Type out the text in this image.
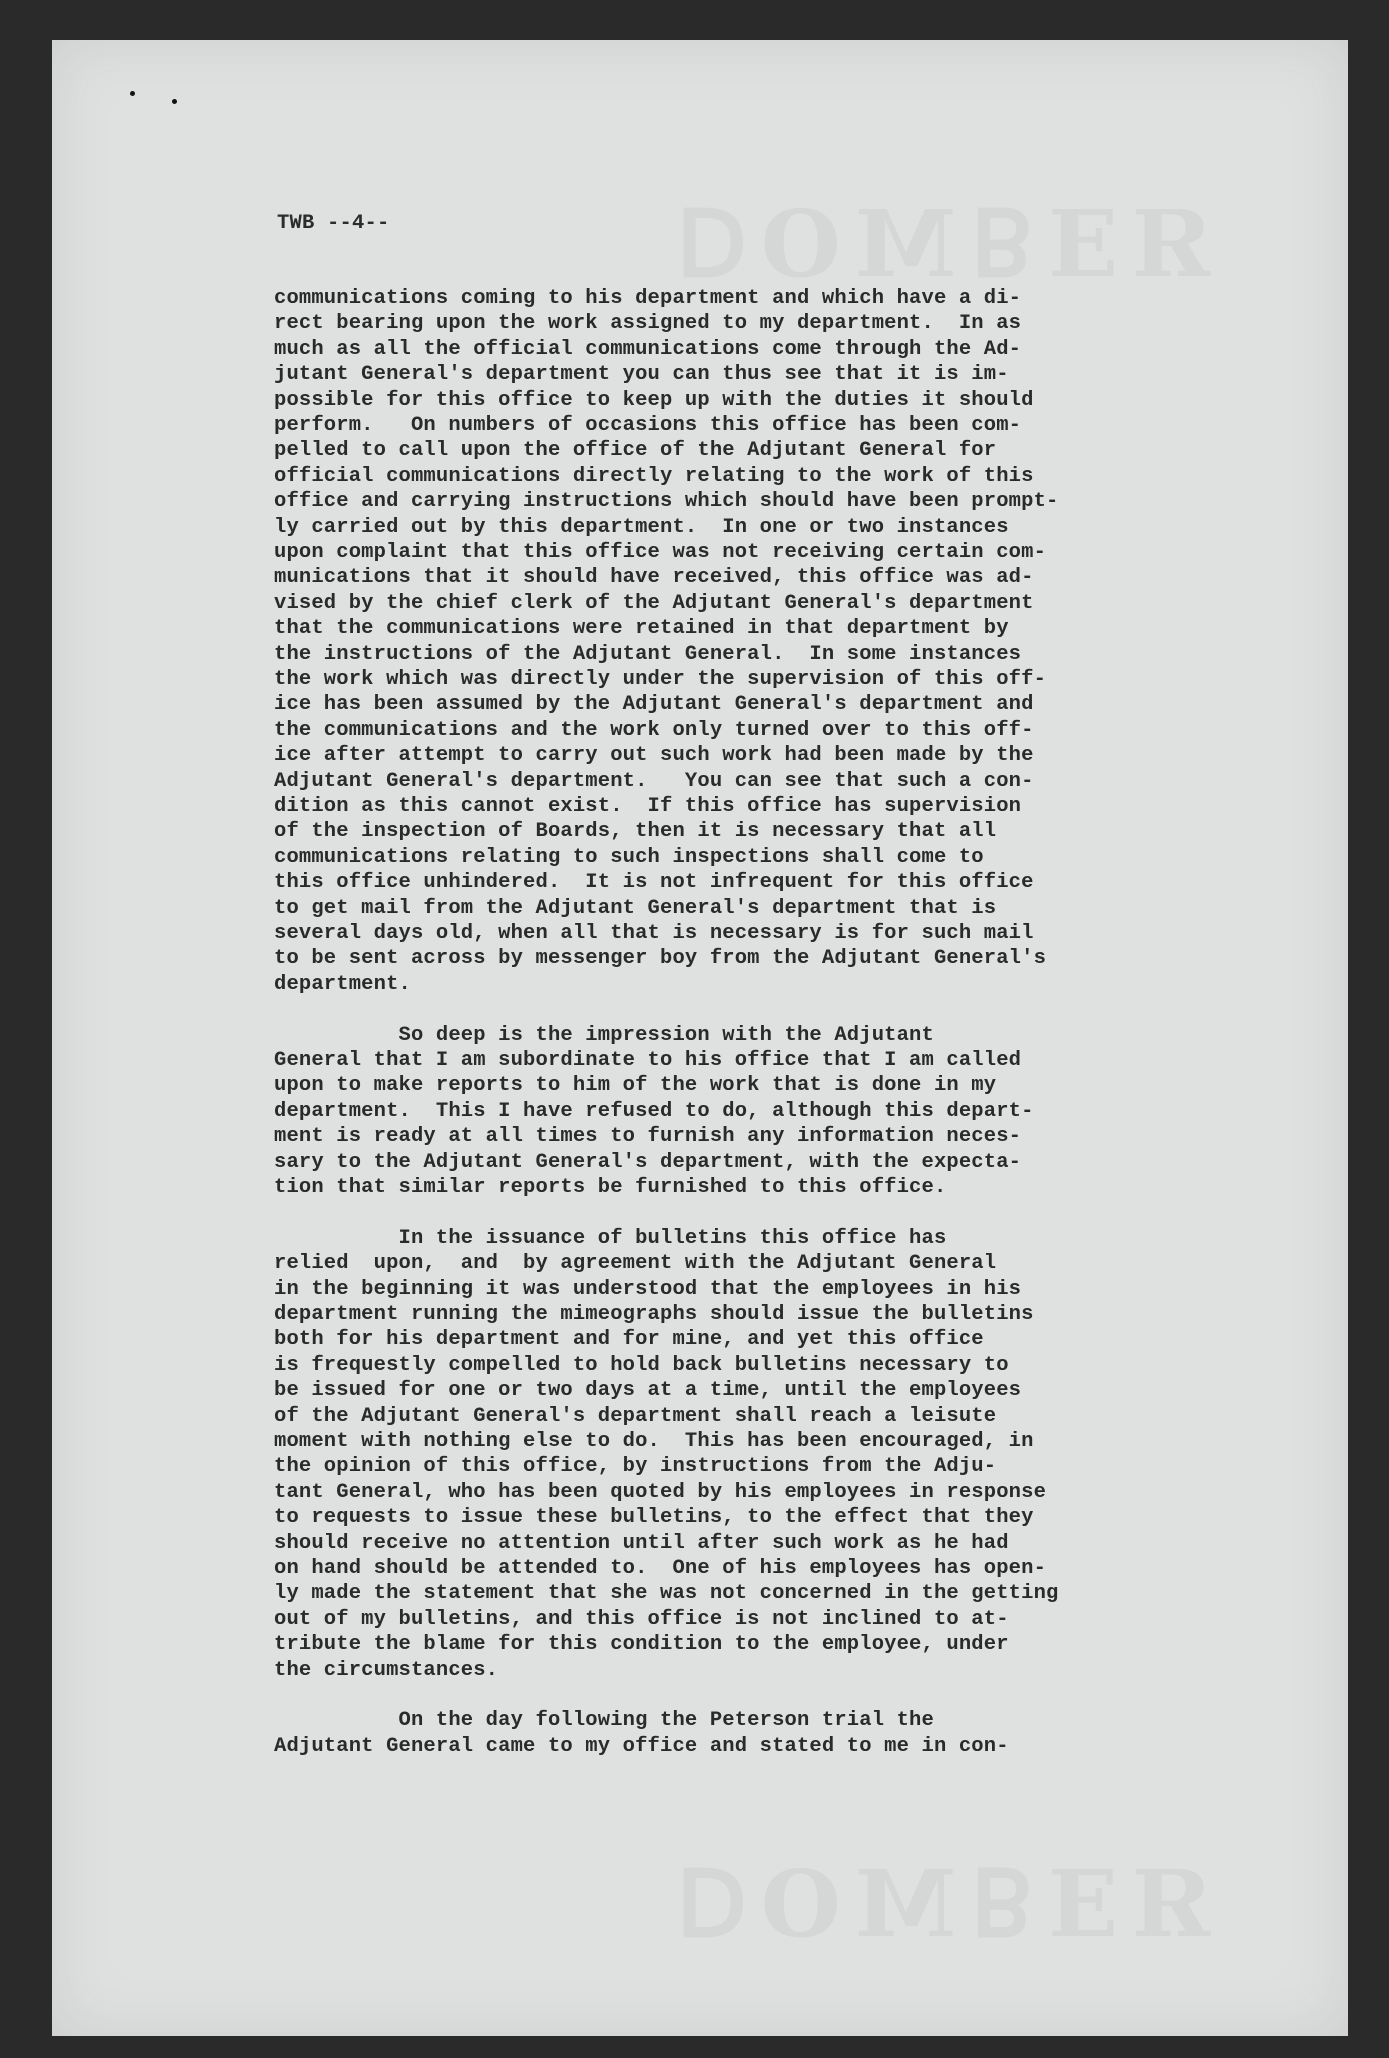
ЯƎꓭMOꓷ
ЯƎꓭMOꓷ
TWB --4--
communications coming to his department and which have a di-
rect bearing upon the work assigned to my department.  In as
much as all the official communications come through the Ad-
jutant General's department you can thus see that it is im-
possible for this office to keep up with the duties it should
perform.   On numbers of occasions this office has been com-
pelled to call upon the office of the Adjutant General for
official communications directly relating to the work of this
office and carrying instructions which should have been prompt-
ly carried out by this department.  In one or two instances
upon complaint that this office was not receiving certain com-
munications that it should have received, this office was ad-
vised by the chief clerk of the Adjutant General's department
that the communications were retained in that department by
the instructions of the Adjutant General.  In some instances
the work which was directly under the supervision of this off-
ice has been assumed by the Adjutant General's department and
the communications and the work only turned over to this off-
ice after attempt to carry out such work had been made by the
Adjutant General's department.   You can see that such a con-
dition as this cannot exist.  If this office has supervision
of the inspection of Boards, then it is necessary that all
communications relating to such inspections shall come to
this office unhindered.  It is not infrequent for this office
to get mail from the Adjutant General's department that is
several days old, when all that is necessary is for such mail
to be sent across by messenger boy from the Adjutant General's
department.
So deep is the impression with the Adjutant
General that I am subordinate to his office that I am called
upon to make reports to him of the work that is done in my
department.  This I have refused to do, although this depart-
ment is ready at all times to furnish any information neces-
sary to the Adjutant General's department, with the expecta-
tion that similar reports be furnished to this office.
In the issuance of bulletins this office has
relied  upon,  and  by agreement with the Adjutant General
in the beginning it was understood that the employees in his
department running the mimeographs should issue the bulletins
both for his department and for mine, and yet this office
is frequestly compelled to hold back bulletins necessary to
be issued for one or two days at a time, until the employees
of the Adjutant General's department shall reach a leisute
moment with nothing else to do.  This has been encouraged, in
the opinion of this office, by instructions from the Adju-
tant General, who has been quoted by his employees in response
to requests to issue these bulletins, to the effect that they
should receive no attention until after such work as he had
on hand should be attended to.  One of his employees has open-
ly made the statement that she was not concerned in the getting
out of my bulletins, and this office is not inclined to at-
tribute the blame for this condition to the employee, under
the circumstances.
On the day following the Peterson trial the
Adjutant General came to my office and stated to me in con-
